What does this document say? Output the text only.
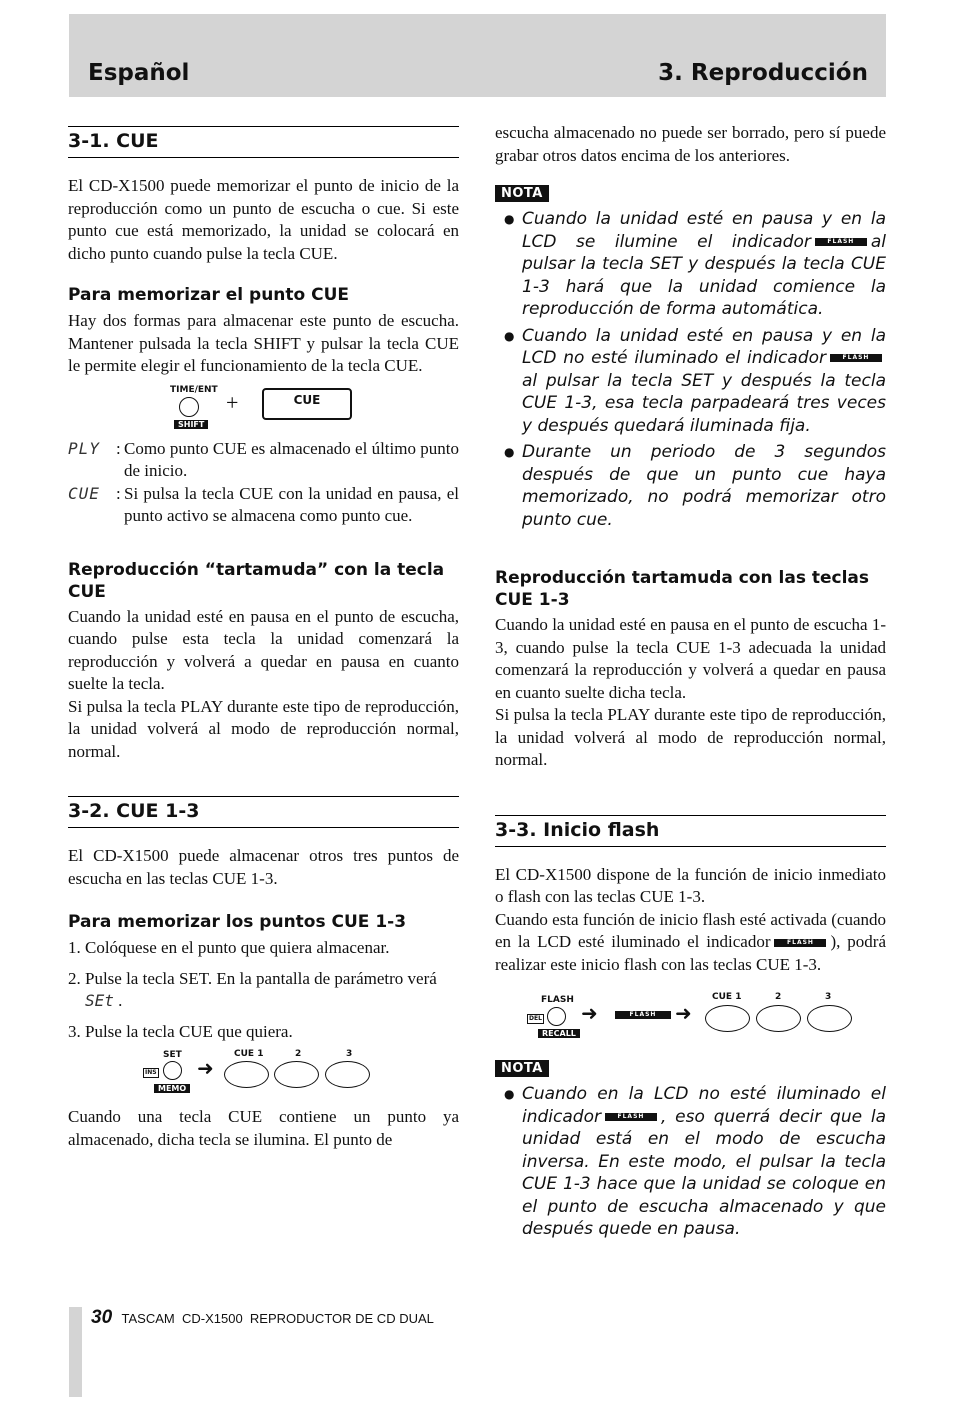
Español	3. Reproducción
3-1. CUE

El CD-X1500 puede memorizar el punto de inicio de la reproducción como un punto de escucha o cue. Si este punto cue está memorizado, la unidad se colocará en dicho punto cuando pulse la tecla CUE.

Para memorizar el punto CUE

Hay dos formas para almacenar este punto de escucha. Mantener pulsada la tecla SHIFT y pulsar la tecla CUE le permite elegir el funcionamiento de la tecla CUE.

TIME/ENT
SHIFT
+	CUE
PLY : Como punto CUE es almacenado el último punto de inicio.
CUE : Si pulsa la tecla CUE con la unidad en pausa, el punto activo se almacena como punto cue.
Reproducción “tartamuda” con la tecla CUE

Cuando la unidad esté en pausa en el punto de escucha, cuando pulse esta tecla la unidad comenzará la reproducción y volverá a quedar en pausa en cuanto suelte la tecla.

Si pulsa la tecla PLAY durante este tipo de reproducción, la unidad volverá al modo de reproducción normal, normal.

3-2. CUE 1-3

El CD-X1500 puede almacenar otros tres puntos de escucha en las teclas CUE 1-3.

Para memorizar los puntos CUE 1-3
1. Colóquese en el punto que quiera almacenar.
2. Pulse la tecla SET. En la pantalla de parámetro verá SEt .
3. Pulse la tecla CUE que quiera.
SET
INS
MEMO
➜
CUE 1	2	3

Cuando una tecla CUE contiene un punto ya almacenado, dicha tecla se ilumina. El punto de

escucha almacenado no puede ser borrado, pero sí puede grabar otros datos encima de los anteriores.

NOTA
● Cuando la unidad esté en pausa y en la LCD se ilumine el indicador	FLASH al pulsar la tecla SET y después la tecla CUE 1-3 hará que la unidad comience la reproducción de forma automática.
● Cuando la unidad esté en pausa y en la LCD no esté iluminado el indicador	FLASHal pulsar la tecla SET y después la tecla CUE 1-3, esa tecla parpadeará tres veces y después quedará iluminada fija.
● Durante un periodo de 3 segundos después de que un punto cue haya memorizado, no podrá memorizar otro punto cue.
Reproducción tartamuda con las teclas CUE 1-3

Cuando la unidad esté en pausa en el punto de escucha 1-3, cuando pulse la tecla CUE 1-3 adecuada la unidad comenzará la reproducción y volverá a quedar en pausa en cuanto suelte dicha tecla.

Si pulsa la tecla PLAY durante este tipo de reproducción, la unidad volverá al modo de reproducción normal, normal.

3-3. Inicio flash

El CD-X1500 dispone de la función de inicio inmediato o flash con las teclas CUE 1-3.

Cuando esta función de inicio flash esté activada (cuando en la LCD esté iluminado el indicador	FLASH ), podrá realizar este inicio flash con las teclas CUE 1-3.

FLASH
DEL
RECALL
➜	FLASH ➜
CUE 1	2	3
NOTA
● Cuando en la LCD no esté iluminado el indicador	FLASH , eso querrá decir que la unidad está en el modo de escucha inversa. En este modo, el pulsar la tecla CUE 1-3 hace que la unidad se coloque en el punto de escucha almacenado y que después quede en pausa.
30 TASCAM CD-X1500 REPRODUCTOR DE CD DUAL
